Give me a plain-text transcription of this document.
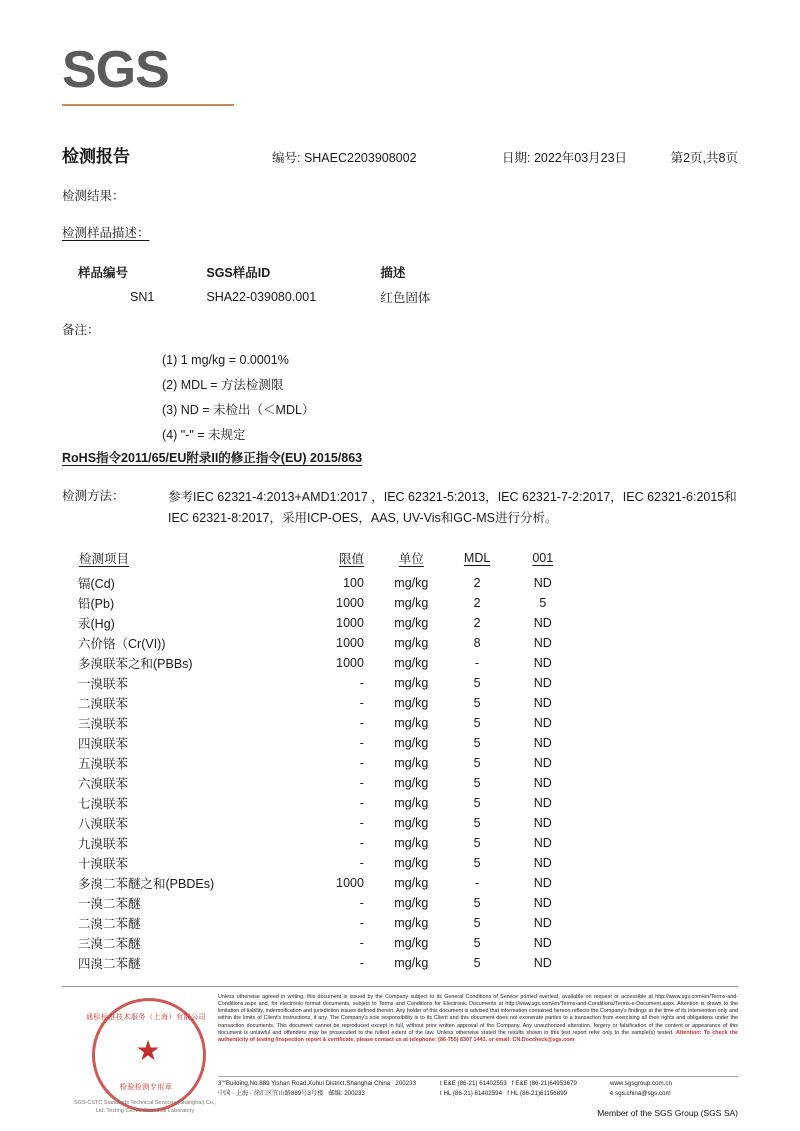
SGS
检测报告	编号: SHAEC2203908002	日期: 2022年03月23日	第2页,共8页
检测结果：
检测样品描述：
样品编号	SGS样品ID	描述
SN1	SHA22-039080.001	红色固体
备注：
(1) 1 mg/kg = 0.0001%
(2) MDL = 方法检测限
(3) ND = 未检出（＜MDL）
(4) "-" = 未规定
RoHS指令2011/65/EU附录II的修正指令(EU) 2015/863
检测方法：	参考IEC 62321-4:2013+AMD1:2017 ，IEC 62321-5:2013，IEC 62321-7-2:2017，IEC 62321-6:2015和IEC 62321-8:2017，采用ICP-OES，AAS, UV-Vis和GC-MS进行分析。
检测项目	限值	单位	MDL	001
镉(Cd)	100	mg/kg	2	ND
铅(Pb)	1000	mg/kg	2	5
汞(Hg)	1000	mg/kg	2	ND
六价铬（Cr(VI))	1000	mg/kg	8	ND
多溴联苯之和(PBBs)	1000	mg/kg	-	ND
一溴联苯	-	mg/kg	5	ND
二溴联苯	-	mg/kg	5	ND
三溴联苯	-	mg/kg	5	ND
四溴联苯	-	mg/kg	5	ND
五溴联苯	-	mg/kg	5	ND
六溴联苯	-	mg/kg	5	ND
七溴联苯	-	mg/kg	5	ND
八溴联苯	-	mg/kg	5	ND
九溴联苯	-	mg/kg	5	ND
十溴联苯	-	mg/kg	5	ND
多溴二苯醚之和(PBDEs)	1000	mg/kg	-	ND
一溴二苯醚	-	mg/kg	5	ND
二溴二苯醚	-	mg/kg	5	ND
三溴二苯醚	-	mg/kg	5	ND
四溴二苯醚	-	mg/kg	5	ND
通标标准技术服务（上海）有限公司
★
检验检测专用章
SGS-CSTC Standards Technical Services (Shanghai) Co., Ltd. Testing Center Chemical Laboratory
Unless otherwise agreed in writing, this document is issued by the Company subject to its General Conditions of Service printed overleaf, available on request or accessible at http://www.sgs.com/en/Terms-and-Conditions.aspx and, for electronic format documents, subject to Terms and Conditions for Electronic Documents at http://www.sgs.com/en/Terms-and-Conditions/Terms-e-Document.aspx. Attention is drawn to the limitation of liability, indemnification and jurisdiction issues defined therein. Any holder of this document is advised that information contained hereon reflects the Company's findings at the time of its intervention only and within the limits of Client's instructions, if any. The Company's sole responsibility is to its Client and this document does not exonerate parties to a transaction from exercising all their rights and obligations under the transaction documents. This document cannot be reproduced except in full, without prior written approval of the Company. Any unauthorized alteration, forgery or falsification of the content or appearance of this document is unlawful and offenders may be prosecuted to the fullest extent of the law. Unless otherwise stated the results shown in this test report refer only to the sample(s) tested. Attention: To check the authenticity of testing /inspection report & certificate, please contact us at telephone: (86-755) 8307 1443, or email: CN.Doccheck@sgs.com
3""Building,No.889 Yishan Road,Xuhui District,Shanghai China 200233	t E&E (86-21) 61402553 f E&E (86-21)64953679	www.sgsgroup.com.cn
中国 · 上海 · 徐汇区宜山路889号3号楼 邮编: 200233	t HL (86-21) 61402594 f HL (86-21)61156899	e sgs.china@sgs.com
Member of the SGS Group (SGS SA)
